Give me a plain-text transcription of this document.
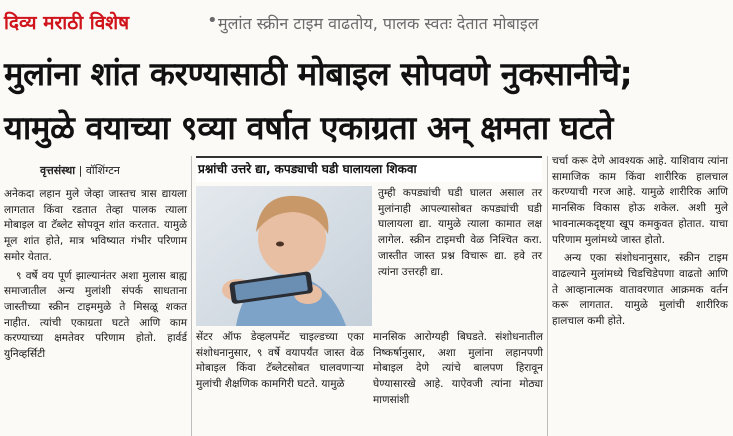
दिव्य मराठी विशेष	• मुलांत स्क्रीन टाइम वाढतोय, पालक स्वतः देतात मोबाइल
मुलांना शांत करण्यासाठी मोबाइल सोपवणे नुकसानीचे;
यामुळे वयाच्या ९व्या वर्षात एकाग्रता अन् क्षमता घटते
वृत्तसंस्था | वॉशिंग्टन

अनेकदा लहान मुले जेव्हा जास्तच त्रास द्यायला लागतात किंवा रडतात तेव्हा पालक त्याला मोबाइल वा टॅब्लेट सोपवून शांत करतात. यामुळे मूल शांत होते, मात्र भविष्यात गंभीर परिणाम समोर येतात.

९ वर्षे वय पूर्ण झाल्यानंतर अशा मुलास बाह्य समाजातील अन्य मुलांशी संपर्क साधताना जास्तीच्या स्क्रीन टाइममुळे ते मिसळू शकत नाहीत. त्यांची एकाग्रता घटते आणि काम करण्याच्या क्षमतेवर परिणाम होतो. हार्वर्ड युनिव्हर्सिटी

प्रश्नांची उत्तरे द्या, कपड्याची घडी घालायला शिकवा

तुम्ही कपड्यांची घडी घालत असाल तर मुलांनाही आपल्यासोबत कपड्यांची घडी घालायला द्या. यामुळे त्याला कामात लक्ष लागेल. स्क्रीन टाइमची वेळ निश्चित करा. जास्तीत जास्त प्रश्न विचारू द्या. हवे तर त्यांना उत्तरही द्या.

सेंटर ऑफ डेव्हलपमेंट चाइल्डच्या एका संशोधनानुसार, ९ वर्षे वयापर्यंत जास्त वेळ मोबाइल किंवा टॅब्लेटसोबत घालवणाऱ्या मुलांची शैक्षणिक कामगिरी घटते. यामुळे

मानसिक आरोग्यही बिघडते. संशोधनातील निष्कर्षानुसार, अशा मुलांना लहानपणी मोबाइल देणे त्यांचे बालपण हिरावून घेण्यासारखे आहे. याऐवजी त्यांना मोठ्या माणसांशी

चर्चा करू देणे आवश्यक आहे. याशिवाय त्यांना सामाजिक काम किंवा शारीरिक हालचाल करण्याची गरज आहे. यामुळे शारीरिक आणि मानसिक विकास होऊ शकेल. अशी मुले भावनात्मकदृष्ट्या खूप कमकुवत होतात. याचा परिणाम मुलांमध्ये जास्त होतो.

अन्य एका संशोधनानुसार, स्क्रीन टाइम वाढल्याने मुलांमध्ये चिडचिडेपणा वाढतो आणि ते आव्हानात्मक वातावरणात आक्रमक वर्तन करू लागतात. यामुळे मुलांची शारीरिक हालचाल कमी होते.
